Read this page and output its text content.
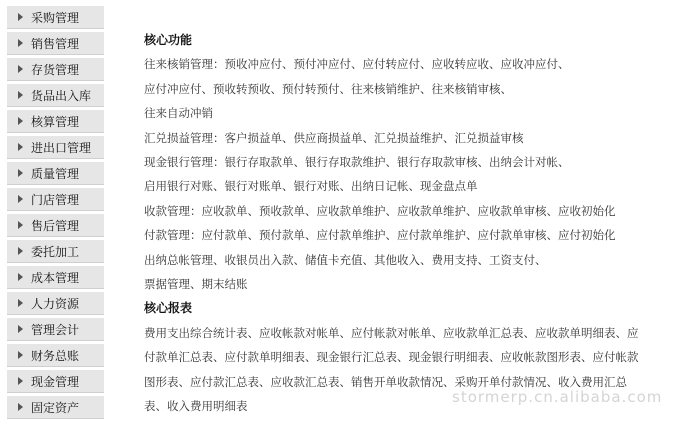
采购管理
销售管理
存货管理
货品出入库
核算管理
进出口管理
质量管理
门店管理
售后管理
委托加工
成本管理
人力资源
管理会计
财务总账
现金管理
固定资产
核心功能
往来核销管理：预收冲应付、预付冲应付、应付转应付、应收转应收、应收冲应付、
应付冲应付、预收转预收、预付转预付、往来核销维护、往来核销审核、
往来自动冲销
汇兑损益管理：客户损益单、供应商损益单、汇兑损益维护、汇兑损益审核
现金银行管理：银行存取款单、银行存取款维护、银行存取款审核、出纳会计对帐、
启用银行对账、银行对账单、银行对账、出纳日记帐、现金盘点单
收款管理：应收款单、预收款单、应收款单维护、应收款单维护、应收款单审核、应收初始化
付款管理：应付款单、预付款单、应付款单维护、应付款单维护、应付款单审核、应付初始化
出纳总帐管理、收银员出入款、储值卡充值、其他收入、费用支持、工资支付、
票据管理、期末结账
核心报表
费用支出综合统计表、应收帐款对帐单、应付帐款对帐单、应收款单汇总表、应收款单明细表、应
付款单汇总表、应付款单明细表、现金银行汇总表、现金银行明细表、应收帐款图形表、应付帐款
图形表、应付款汇总表、应收款汇总表、销售开单收款情况、采购开单付款情况、收入费用汇总
表、收入费用明细表
stormerp.cn.alibaba.com
